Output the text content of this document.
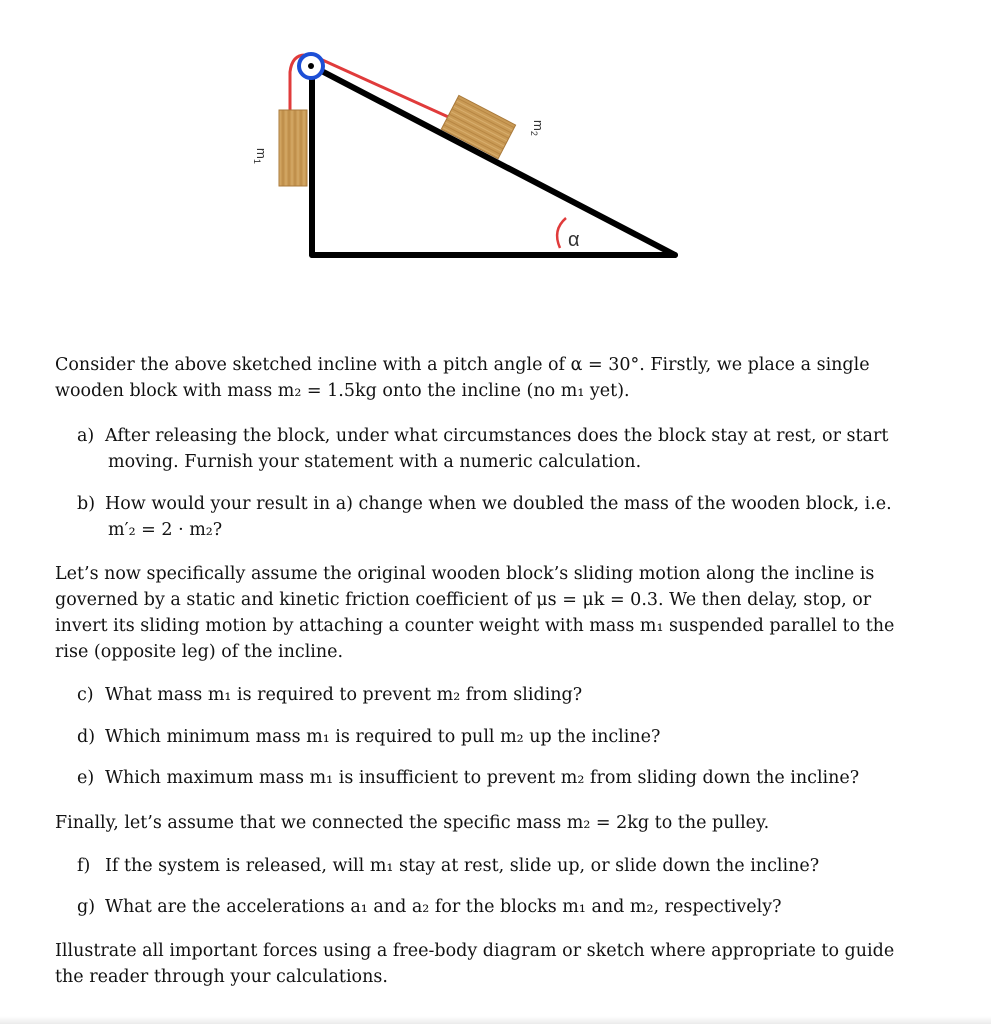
$m_1$
$m_2$
α

Consider the above sketched incline with a pitch angle of α = 30°. Firstly, we place a single

wooden block with mass m₂ = 1.5kg onto the incline (no m₁ yet).

a) After releasing the block, under what circumstances does the block stay at rest, or start
moving. Furnish your statement with a numeric calculation.
b) How would your result in a) change when we doubled the mass of the wooden block, i.e.
m′₂ = 2 · m₂?

Let’s now specifically assume the original wooden block’s sliding motion along the incline is

governed by a static and kinetic friction coefficient of μs = μk = 0.3. We then delay, stop, or

invert its sliding motion by attaching a counter weight with mass m₁ suspended parallel to the

rise (opposite leg) of the incline.

c) What mass m₁ is required to prevent m₂ from sliding?
d) Which minimum mass m₁ is required to pull m₂ up the incline?
e) Which maximum mass m₁ is insufficient to prevent m₂ from sliding down the incline?

Finally, let’s assume that we connected the specific mass m₂ = 2kg to the pulley.

f) If the system is released, will m₁ stay at rest, slide up, or slide down the incline?
g) What are the accelerations a₁ and a₂ for the blocks m₁ and m₂, respectively?

Illustrate all important forces using a free-body diagram or sketch where appropriate to guide

the reader through your calculations.
